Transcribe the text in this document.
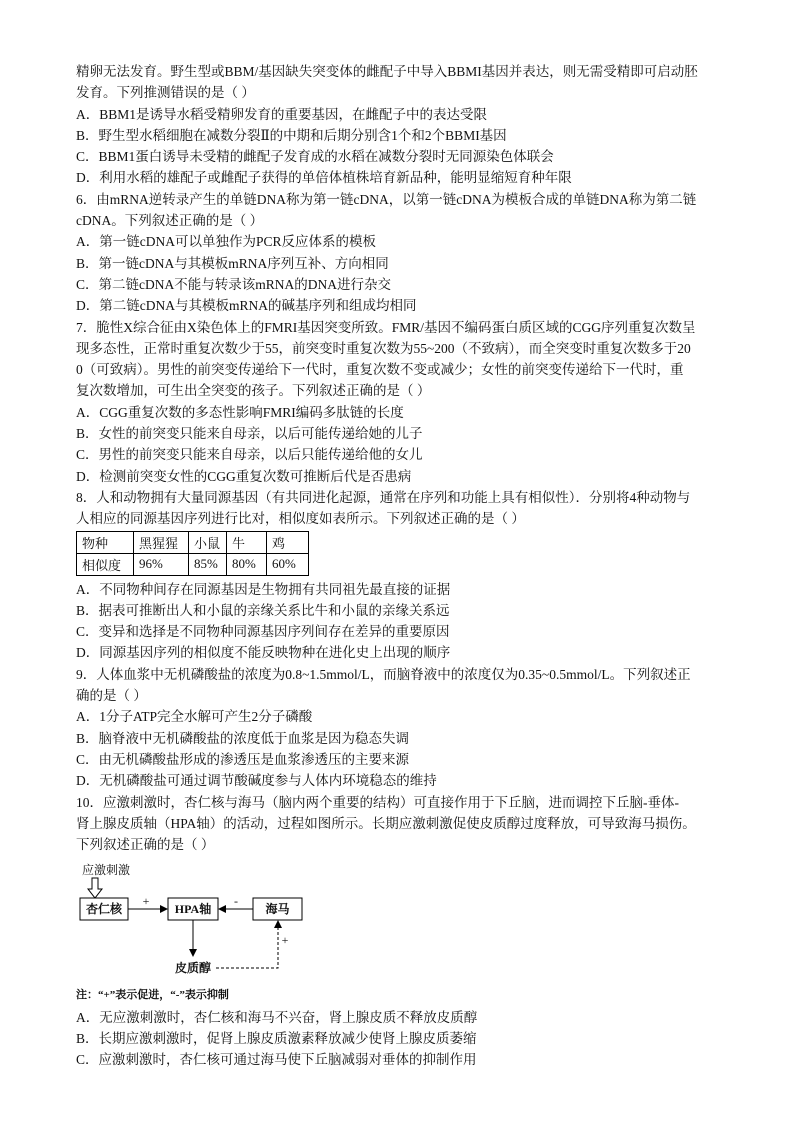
精卵无法发育。野生型或BBM/基因缺失突变体的雌配子中导入BBMI基因并表达，则无需受精即可启动胚
发育。下列推测错误的是（ ）
A．BBM1是诱导水稻受精卵发育的重要基因，在雌配子中的表达受限
B．野生型水稻细胞在减数分裂Ⅱ的中期和后期分别含1个和2个BBMI基因
C．BBM1蛋白诱导未受精的雌配子发育成的水稻在减数分裂时无同源染色体联会
D．利用水稻的雄配子或雌配子获得的单倍体植株培育新品种，能明显缩短育种年限
6．由mRNA逆转录产生的单链DNA称为第一链cDNA，以第一链cDNA为模板合成的单链DNA称为第二链
cDNA。下列叙述正确的是（ ）
A．第一链cDNA可以单独作为PCR反应体系的模板
B．第一链cDNA与其模板mRNA序列互补、方向相同
C．第二链cDNA不能与转录该mRNA的DNA进行杂交
D．第二链cDNA与其模板mRNA的碱基序列和组成均相同
7．脆性X综合征由X染色体上的FMRI基因突变所致。FMR/基因不编码蛋白质区域的CGG序列重复次数呈
现多态性，正常时重复次数少于55，前突变时重复次数为55~200（不致病），而全突变时重复次数多于20
0（可致病）。男性的前突变传递给下一代时，重复次数不变或减少；女性的前突变传递给下一代时，重
复次数增加，可生出全突变的孩子。下列叙述正确的是（ ）
A．CGG重复次数的多态性影响FMRI编码多肽链的长度
B．女性的前突变只能来自母亲，以后可能传递给她的儿子
C．男性的前突变只能来自母亲，以后只能传递给他的女儿
D．检测前突变女性的CGG重复次数可推断后代是否患病
8．人和动物拥有大量同源基因（有共同进化起源，通常在序列和功能上具有相似性）．分别将4种动物与
人相应的同源基因序列进行比对，相似度如表所示。下列叙述正确的是（ ）
物种	黑猩猩	小鼠	牛	鸡
相似度	96%	85%	80%	60%
A．不同物种间存在同源基因是生物拥有共同祖先最直接的证据
B．据表可推断出人和小鼠的亲缘关系比牛和小鼠的亲缘关系远
C．变异和选择是不同物种同源基因序列间存在差异的重要原因
D．同源基因序列的相似度不能反映物种在进化史上出现的顺序
9．人体血浆中无机磷酸盐的浓度为0.8~1.5mmol/L，而脑脊液中的浓度仅为0.35~0.5mmol/L。下列叙述正
确的是（ ）
A．1分子ATP完全水解可产生2分子磷酸
B．脑脊液中无机磷酸盐的浓度低于血浆是因为稳态失调
C．由无机磷酸盐形成的渗透压是血浆渗透压的主要来源
D．无机磷酸盐可通过调节酸碱度参与人体内环境稳态的维持
10．应激刺激时，杏仁核与海马（脑内两个重要的结构）可直接作用于下丘脑，进而调控下丘脑-垂体-
肾上腺皮质轴（HPA轴）的活动，过程如图所示。长期应激刺激促使皮质醇过度释放，可导致海马损伤。
下列叙述正确的是（ ）
应激刺激
杏仁核
+
HPA轴	海马
-
皮质醇
+
注：“+”表示促进，“-”表示抑制
A．无应激刺激时，杏仁核和海马不兴奋，肾上腺皮质不释放皮质醇
B．长期应激刺激时，促肾上腺皮质激素释放减少使肾上腺皮质萎缩
C．应激刺激时，杏仁核可通过海马使下丘脑减弱对垂体的抑制作用
